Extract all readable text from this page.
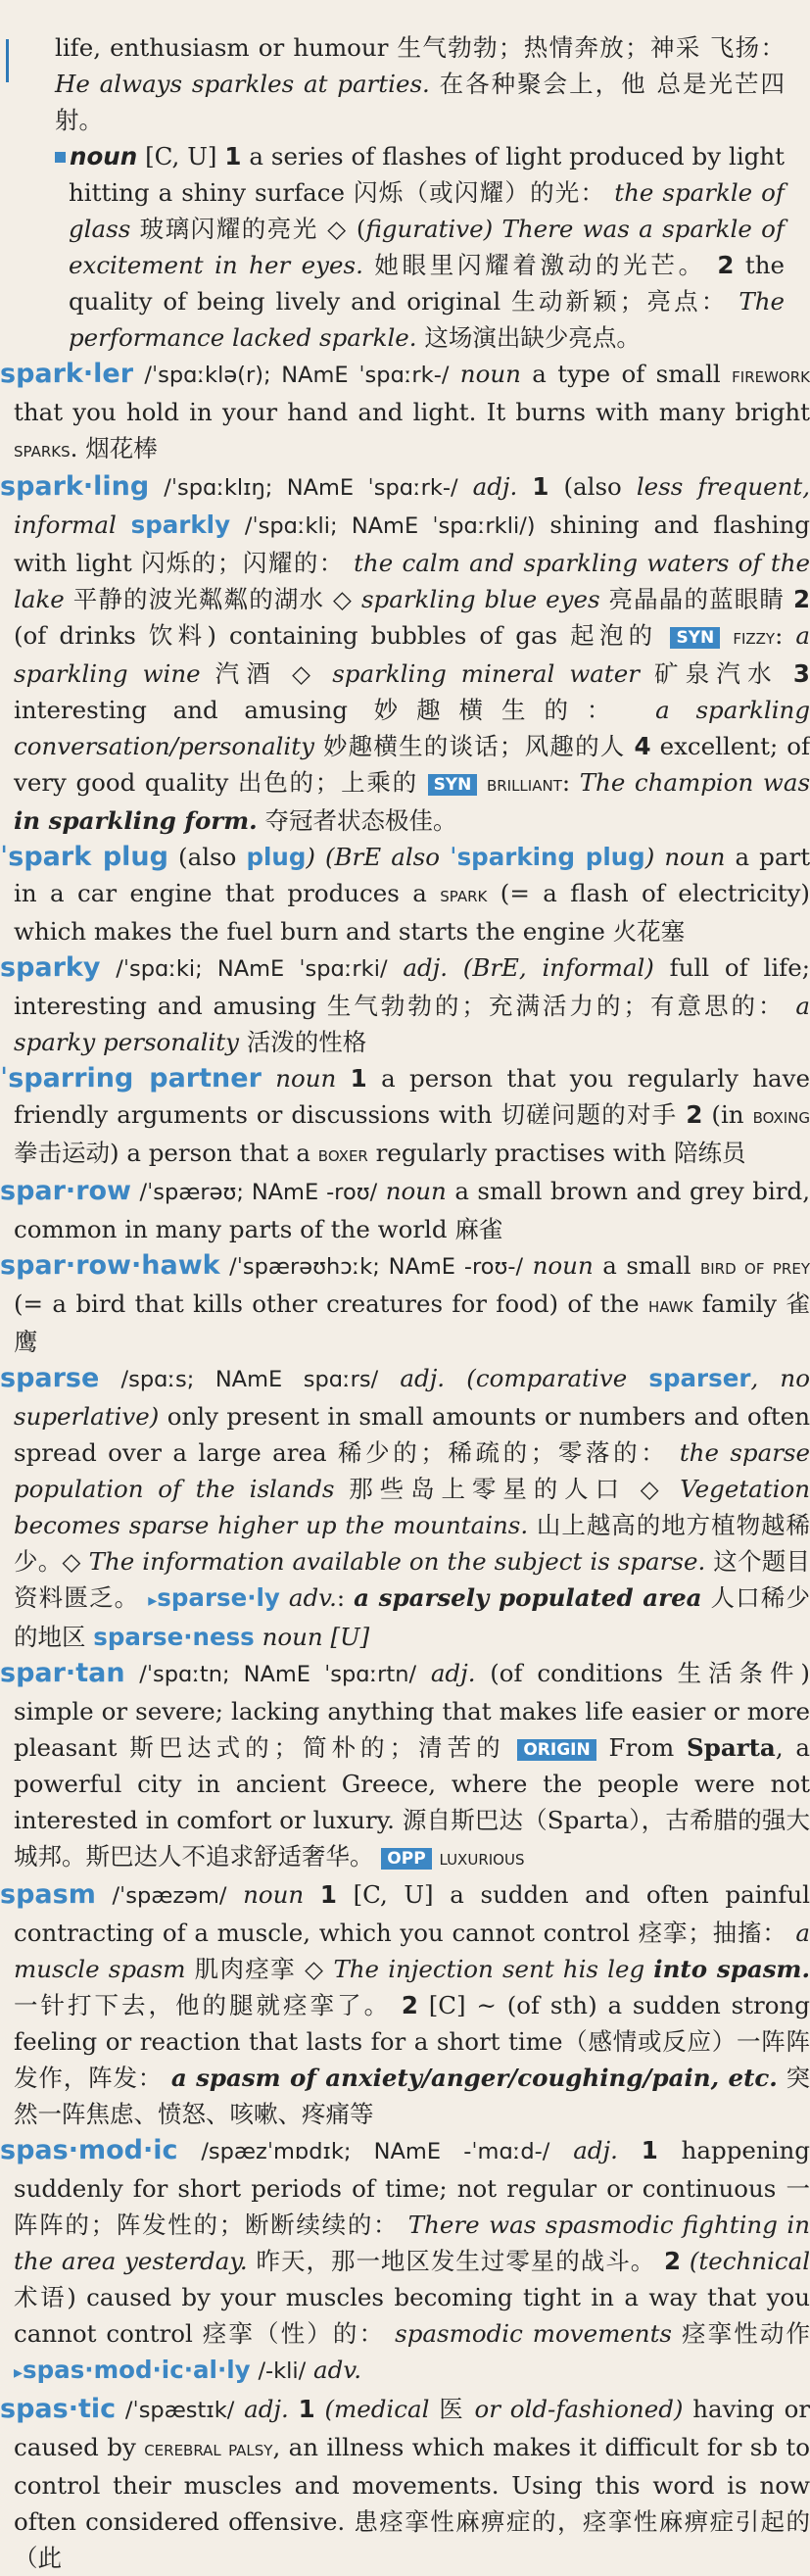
life, enthusiasm or humour 生气勃勃；热情奔放；神采 飞扬： He always sparkles at parties. 在各种聚会上，他 总是光芒四射。

noun [C, U] 1 a series of flashes of light produced by light hitting a shiny surface 闪烁（或闪耀）的光： the sparkle of glass 玻璃闪耀的亮光 ◇ (figurative) There was a sparkle of excitement in her eyes. 她眼里闪耀着激动的光芒。 2 the quality of being lively and original 生动新颖；亮点： The performance lacked sparkle. 这场演出缺少亮点。

spark·ler /ˈspɑːklə(r); NAmE ˈspɑːrk-/ noun a type of small firework that you hold in your hand and light. It burns with many bright sparks. 烟花棒

spark·ling /ˈspɑːklɪŋ; NAmE ˈspɑːrk-/ adj. 1 (also less frequent, informal sparkly /ˈspɑːkli; NAmE ˈspɑːrkli/) shining and flashing with light 闪烁的；闪耀的： the calm and sparkling waters of the lake 平静的波光粼粼的湖水 ◇ sparkling blue eyes 亮晶晶的蓝眼睛 2 (of drinks 饮料) containing bubbles of gas 起泡的 SYN fizzy: a sparkling wine 汽酒 ◇ sparkling mineral water 矿泉汽水 3 interesting and amusing 妙趣横生的： a sparkling conversation/personality 妙趣横生的谈话；风趣的人 4 excellent; of very good quality 出色的；上乘的 SYN brilliant: The champion was in sparkling form. 夺冠者状态极佳。

ˈspark plug (also plug) (BrE also ˈsparking plug) noun a part in a car engine that produces a spark (= a flash of electricity) which makes the fuel burn and starts the engine 火花塞

sparky /ˈspɑːki; NAmE ˈspɑːrki/ adj. (BrE, informal) full of life; interesting and amusing 生气勃勃的；充满活力的；有意思的： a sparky personality 活泼的性格

ˈsparring partner noun 1 a person that you regularly have friendly arguments or discussions with 切磋问题的对手 2 (in boxing 拳击运动) a person that a boxer regularly practises with 陪练员

spar·row /ˈspærəʊ; NAmE -roʊ/ noun a small brown and grey bird, common in many parts of the world 麻雀

spar·row·hawk /ˈspærəʊhɔːk; NAmE -roʊ-/ noun a small bird of prey (= a bird that kills other creatures for food) of the hawk family 雀鹰

sparse /spɑːs; NAmE spɑːrs/ adj. (comparative sparser, no superlative) only present in small amounts or numbers and often spread over a large area 稀少的；稀疏的；零落的： the sparse population of the islands 那些岛上零星的人口 ◇ Vegetation becomes sparse higher up the mountains. 山上越高的地方植物越稀少。◇ The information available on the subject is sparse. 这个题目资料匮乏。 ▸sparse·ly adv.: a sparsely populated area 人口稀少的地区 sparse·ness noun [U]

spar·tan /ˈspɑːtn; NAmE ˈspɑːrtn/ adj. (of conditions 生活条件) simple or severe; lacking anything that makes life easier or more pleasant 斯巴达式的；简朴的；清苦的 ORIGIN From Sparta, a powerful city in ancient Greece, where the people were not interested in comfort or luxury. 源自斯巴达（Sparta），古希腊的强大城邦。斯巴达人不追求舒适奢华。 OPP luxurious

spasm /ˈspæzəm/ noun 1 [C, U] a sudden and often painful contracting of a muscle, which you cannot control 痉挛；抽搐： a muscle spasm 肌肉痉挛 ◇ The injection sent his leg into spasm. 一针打下去，他的腿就痉挛了。 2 [C] ~ (of sth) a sudden strong feeling or reaction that lasts for a short time（感情或反应）一阵阵发作，阵发： a spasm of anxiety/anger/coughing/pain, etc. 突然一阵焦虑、愤怒、咳嗽、疼痛等

spas·mod·ic /spæzˈmɒdɪk; NAmE -ˈmɑːd-/ adj. 1 happening suddenly for short periods of time; not regular or continuous 一阵阵的；阵发性的；断断续续的： There was spasmodic fighting in the area yesterday. 昨天，那一地区发生过零星的战斗。 2 (technical 术语) caused by your muscles becoming tight in a way that you cannot control 痉挛（性）的： spasmodic movements 痉挛性动作 ▸spas·mod·ic·al·ly /-kli/ adv.

spas·tic /ˈspæstɪk/ adj. 1 (medical 医 or old-fashioned) having or caused by cerebral palsy, an illness which makes it difficult for sb to control their muscles and movements. Using this word is now often considered offensive. 患痉挛性麻痹症的，痉挛性麻痹症引起的（此
